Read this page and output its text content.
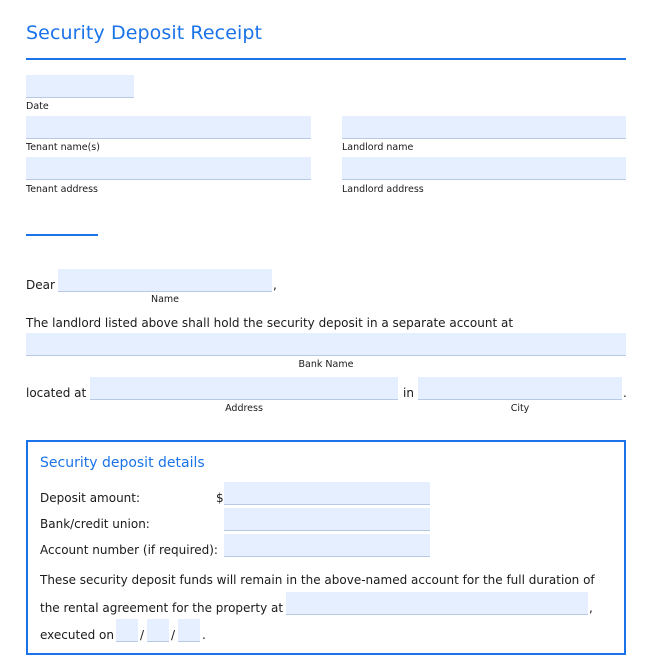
Security Deposit Receipt
Date
Tenant name(s)	Landlord name
Tenant address	Landlord address
Dear	,
Name
The landlord listed above shall hold the security deposit in a separate account at
Bank Name
located at	in	.
Address	City
Security deposit details
Deposit amount:	$
Bank/credit union:
Account number (if required):
These security deposit funds will remain in the above-named account for the full duration of
the rental agreement for the property at	,
executed on / / .
